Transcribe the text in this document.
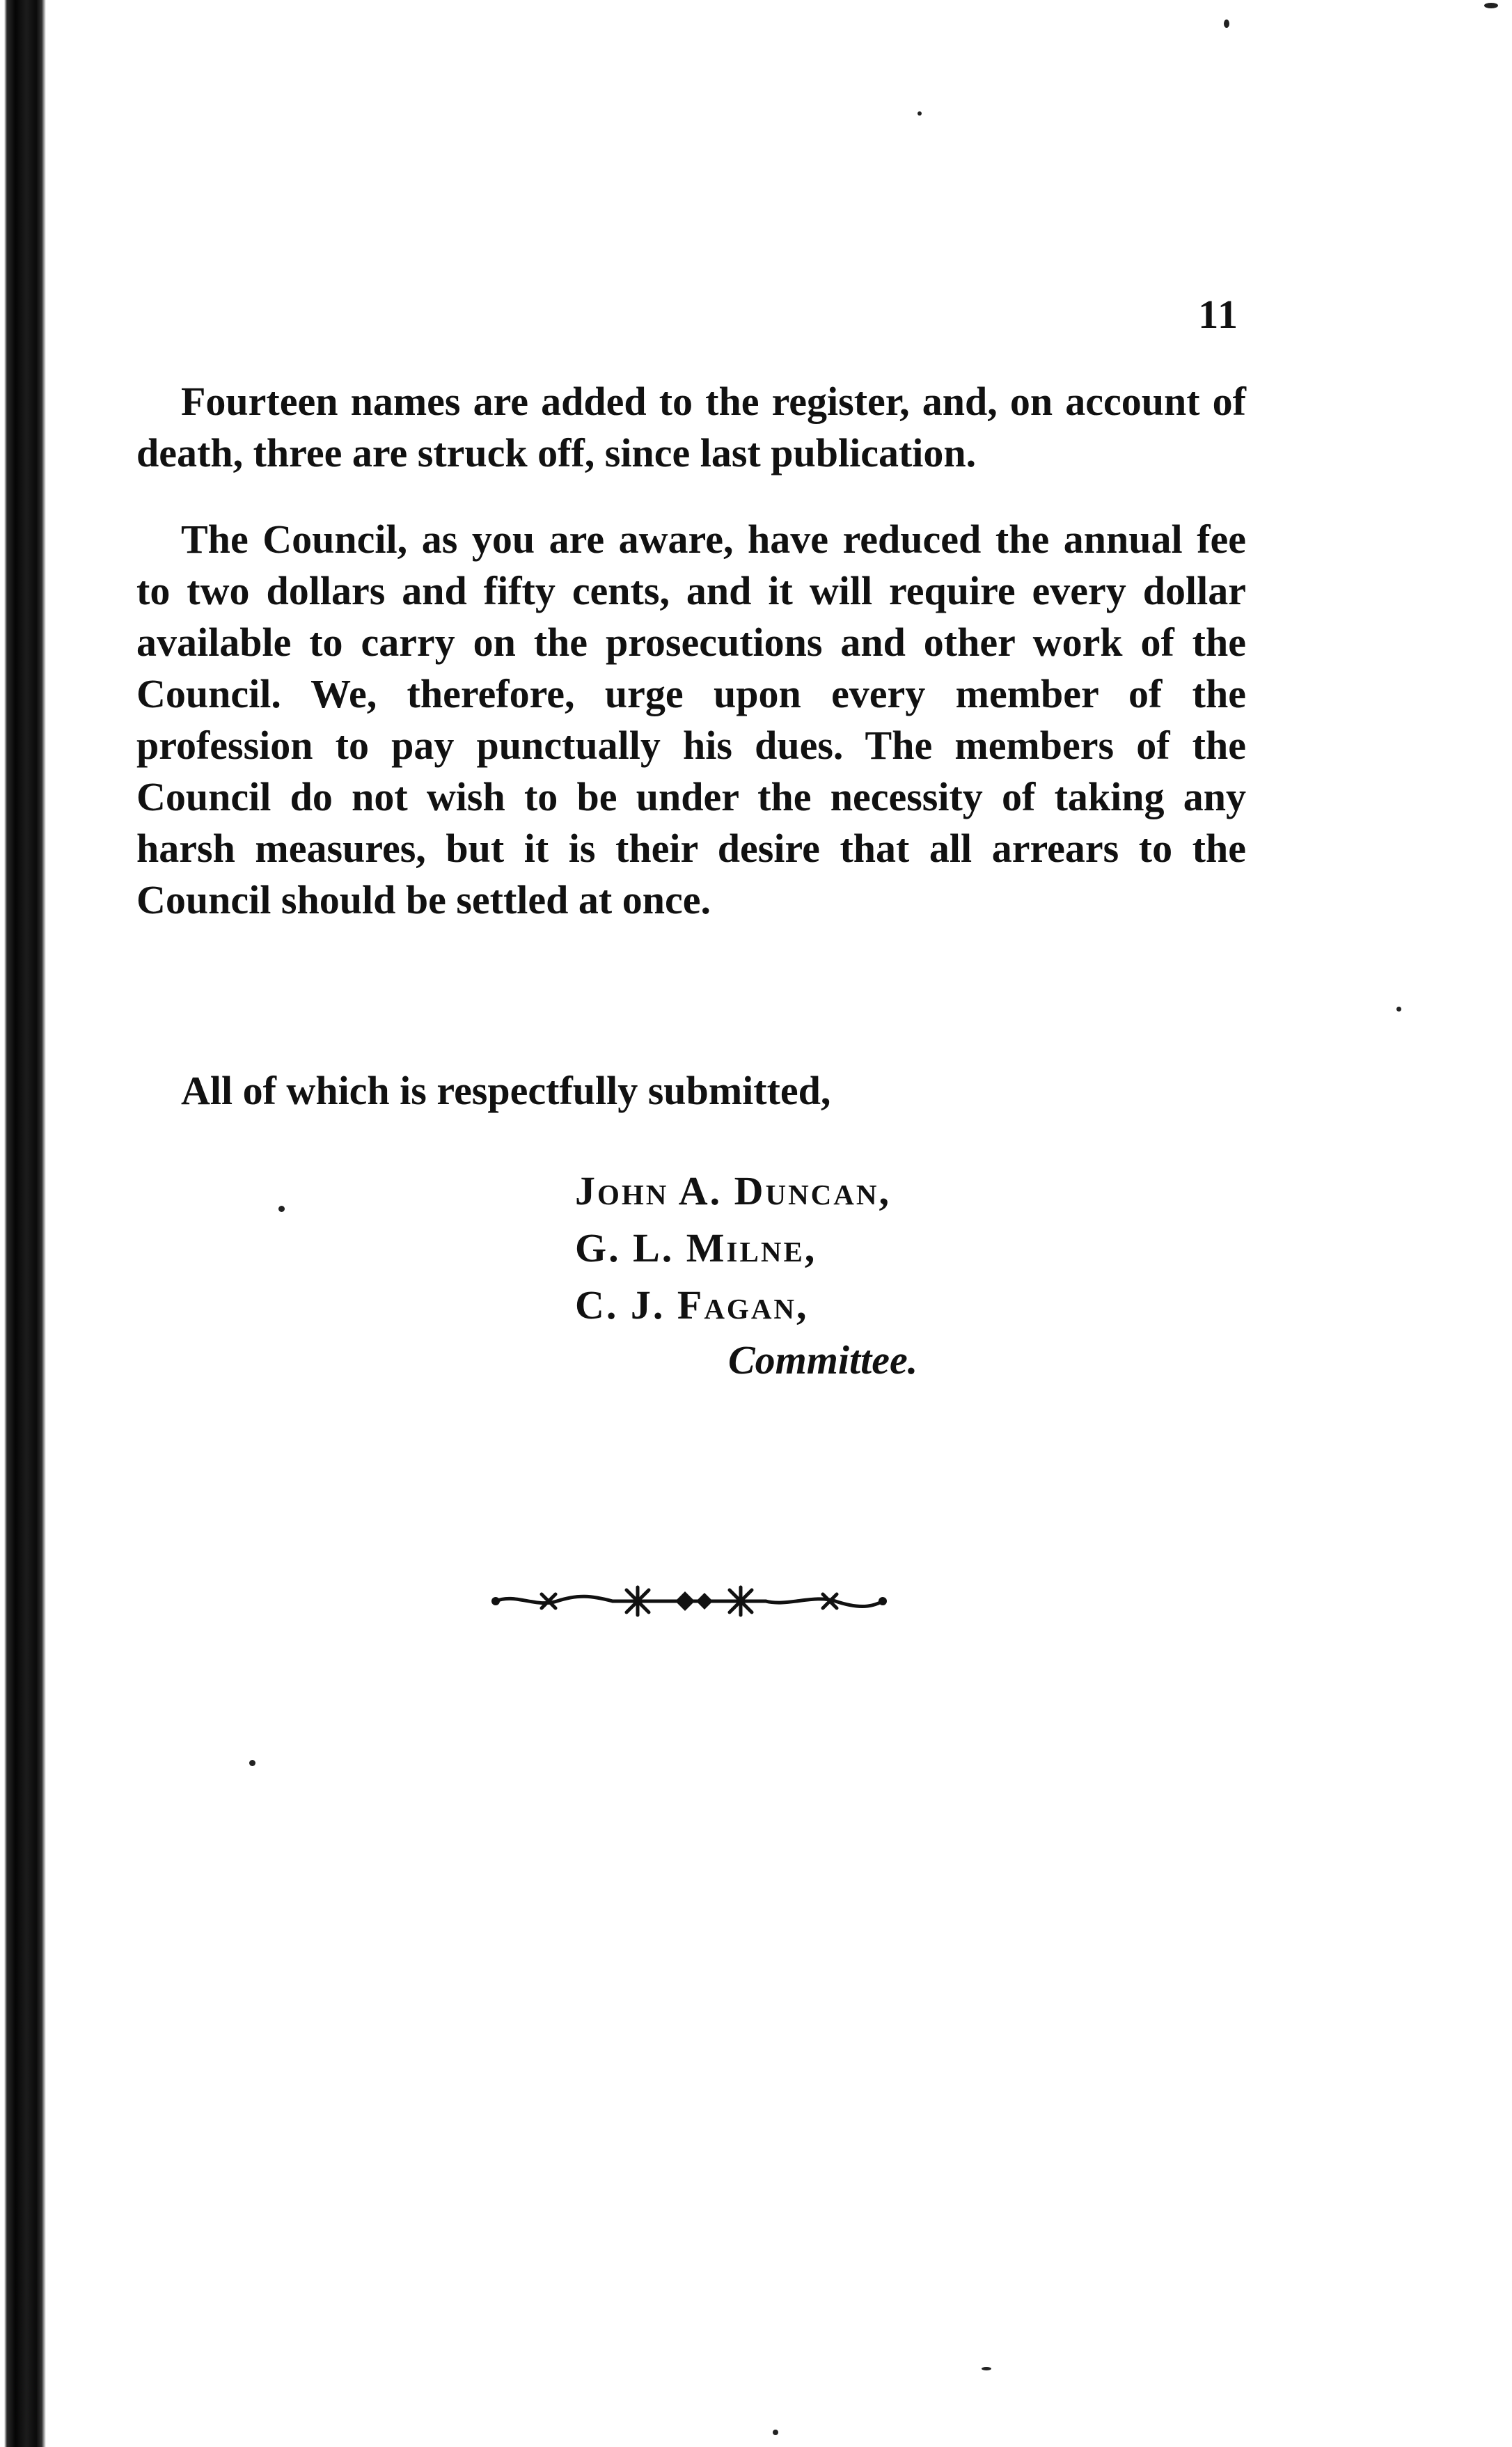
11

Fourteen names are added to the register, and, on account of death, three are struck off, since last publication.

The Council, as you are aware, have reduced the annual fee to two dollars and fifty cents, and it will require every dollar available to carry on the prosecutions and other work of the Council. We, therefore, urge upon every member of the profession to pay punctually his dues. The members of the Council do not wish to be under the necessity of taking any harsh measures, but it is their desire that all arrears to the Council should be settled at once.

All of which is respectfully submitted,
John A. Duncan,
G. L. Milne,
C. J. Fagan,
Committee.
